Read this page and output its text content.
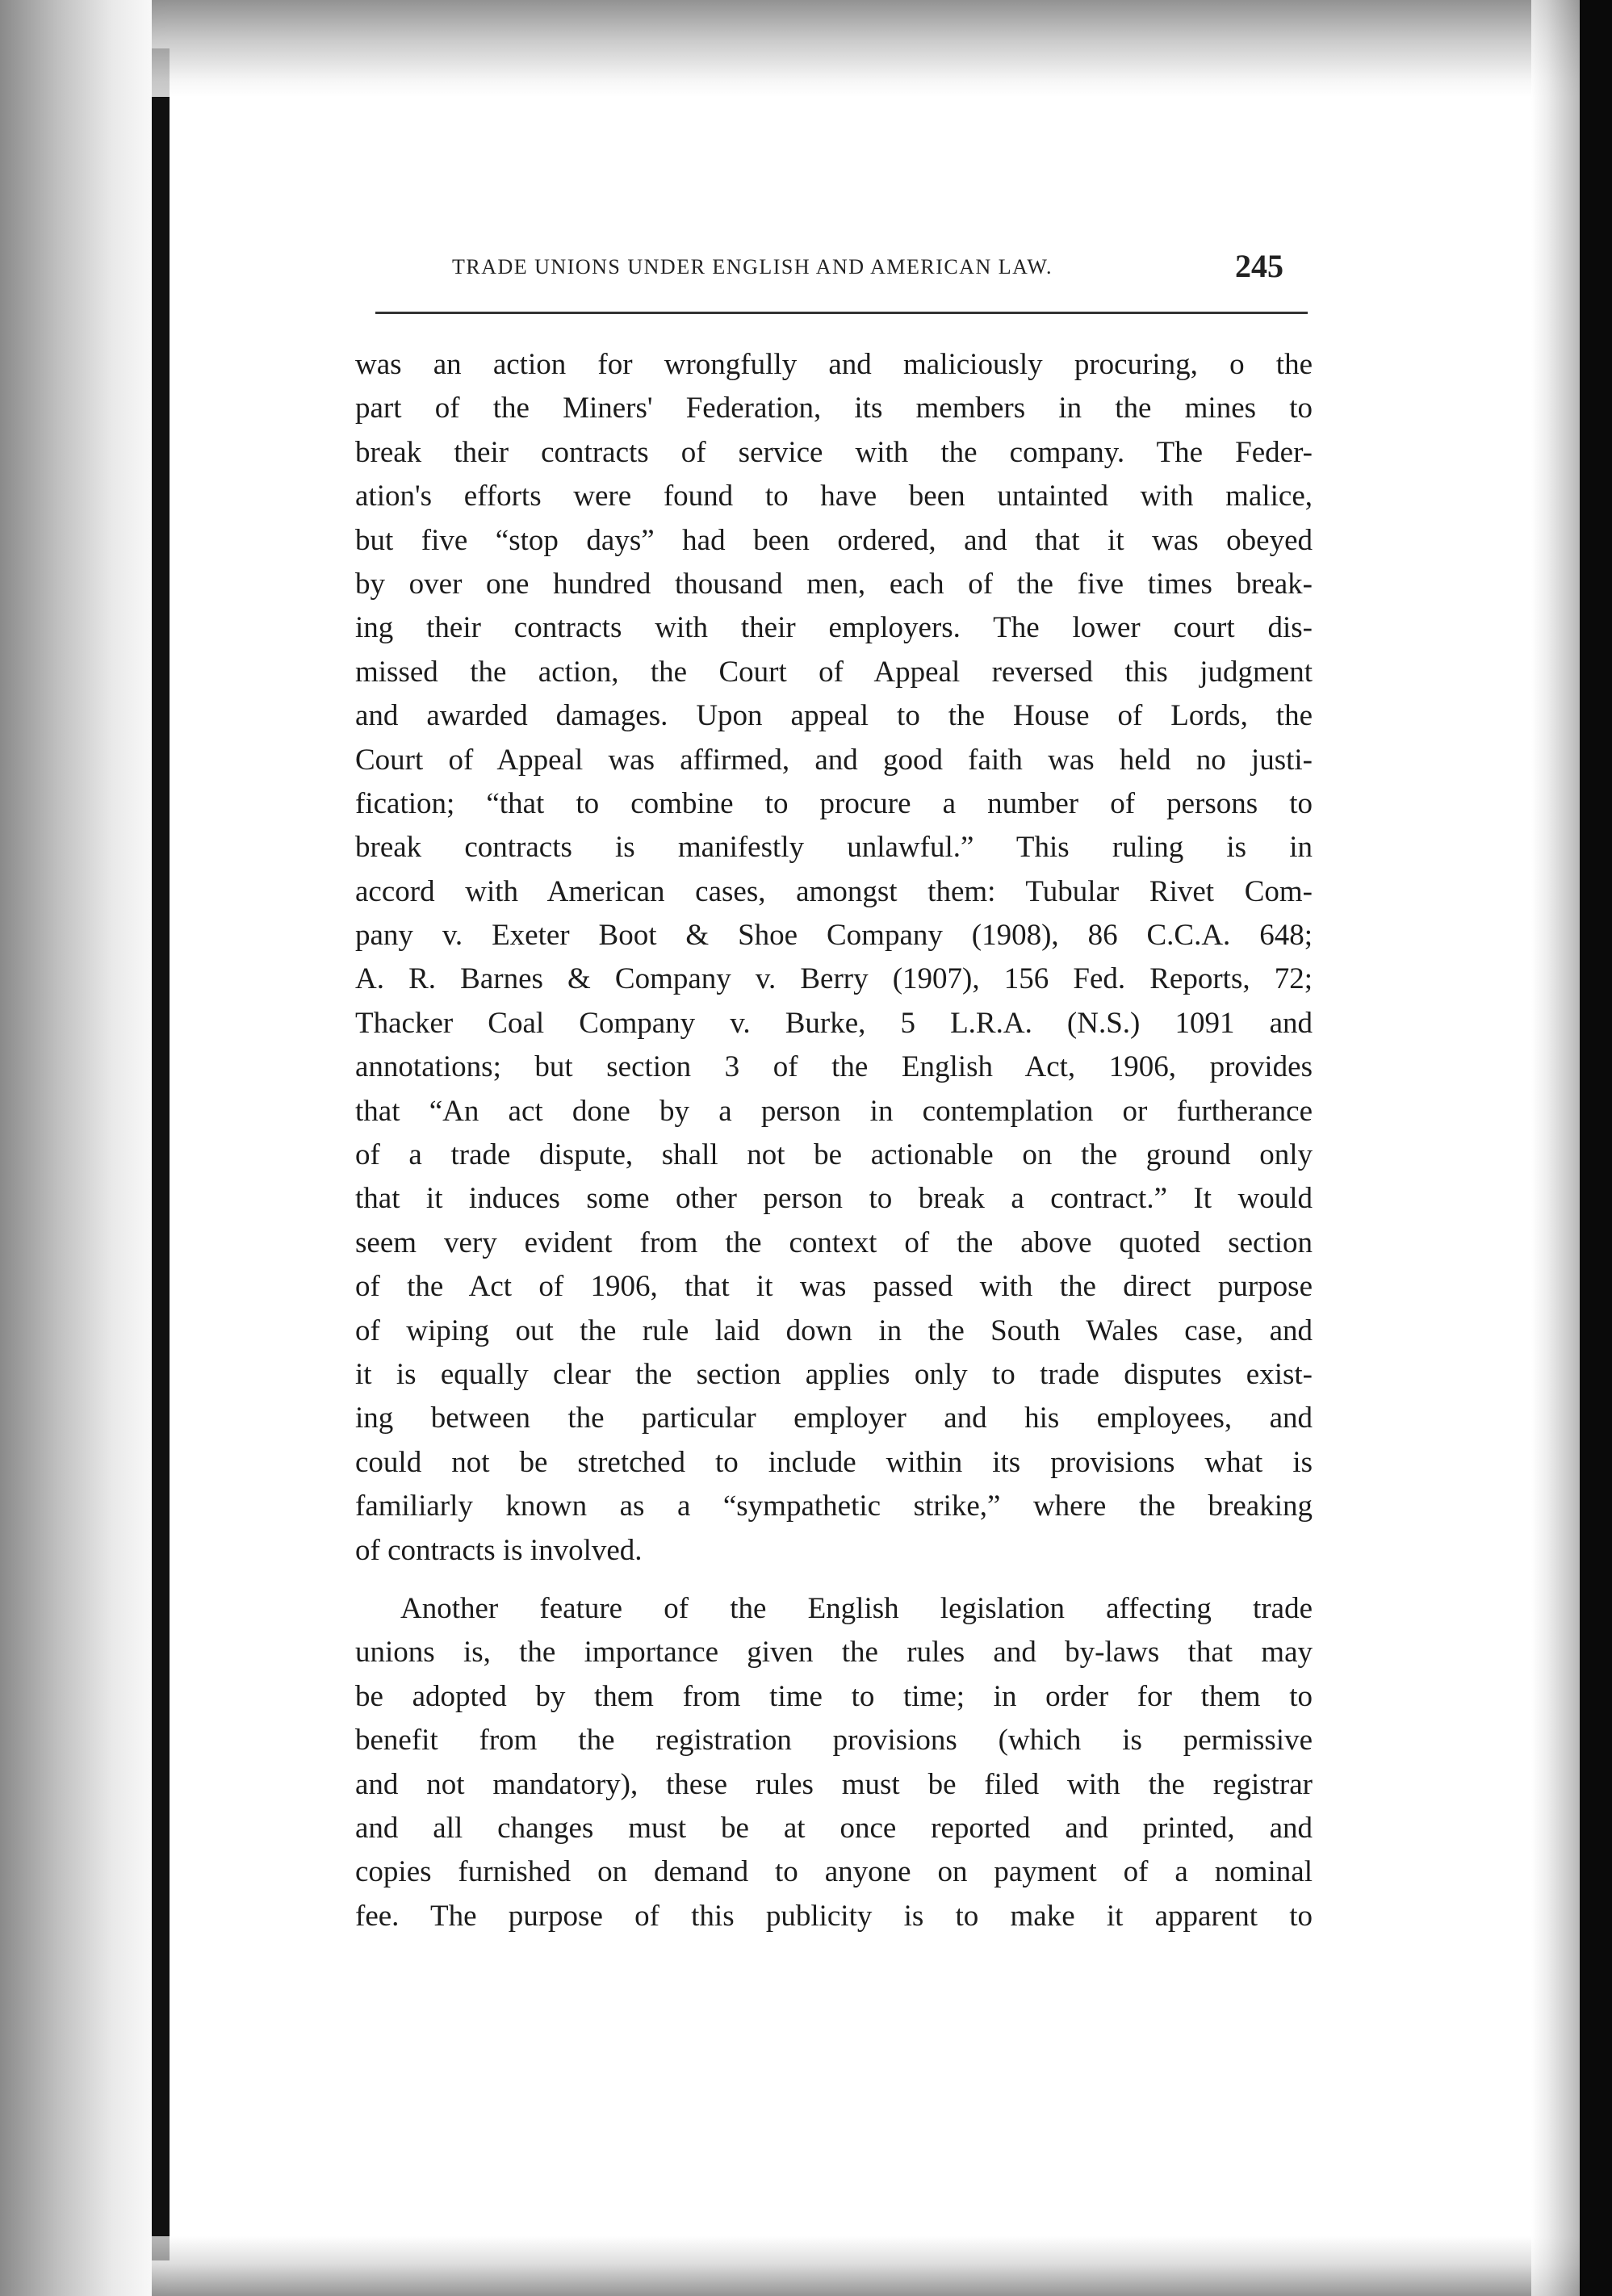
TRADE UNIONS UNDER ENGLISH AND AMERICAN LAW.	245
was an action for wrongfully and maliciously procuring, o the
part of the Miners' Federation, its members in the mines to
break their contracts of service with the company. The Feder-
ation's efforts were found to have been untainted with malice,
but five “stop days” had been ordered, and that it was obeyed
by over one hundred thousand men, each of the five times break-
ing their contracts with their employers. The lower court dis-
missed the action, the Court of Appeal reversed this judgment
and awarded damages. Upon appeal to the House of Lords, the
Court of Appeal was affirmed, and good faith was held no justi-
fication; “that to combine to procure a number of persons to
break contracts is manifestly unlawful.” This ruling is in
accord with American cases, amongst them: Tubular Rivet Com-
pany v. Exeter Boot & Shoe Company (1908), 86 C.C.A. 648;
A. R. Barnes & Company v. Berry (1907), 156 Fed. Reports, 72;
Thacker Coal Company v. Burke, 5 L.R.A. (N.S.) 1091 and
annotations; but section 3 of the English Act, 1906, provides
that “An act done by a person in contemplation or furtherance
of a trade dispute, shall not be actionable on the ground only
that it induces some other person to break a contract.” It would
seem very evident from the context of the above quoted section
of the Act of 1906, that it was passed with the direct purpose
of wiping out the rule laid down in the South Wales case, and
it is equally clear the section applies only to trade disputes exist-
ing between the particular employer and his employees, and
could not be stretched to include within its provisions what is
familiarly known as a “sympathetic strike,” where the breaking
of contracts is involved.
Another feature of the English legislation affecting trade
unions is, the importance given the rules and by-laws that may
be adopted by them from time to time; in order for them to
benefit from the registration provisions (which is permissive
and not mandatory), these rules must be filed with the registrar
and all changes must be at once reported and printed, and
copies furnished on demand to anyone on payment of a nominal
fee. The purpose of this publicity is to make it apparent to
